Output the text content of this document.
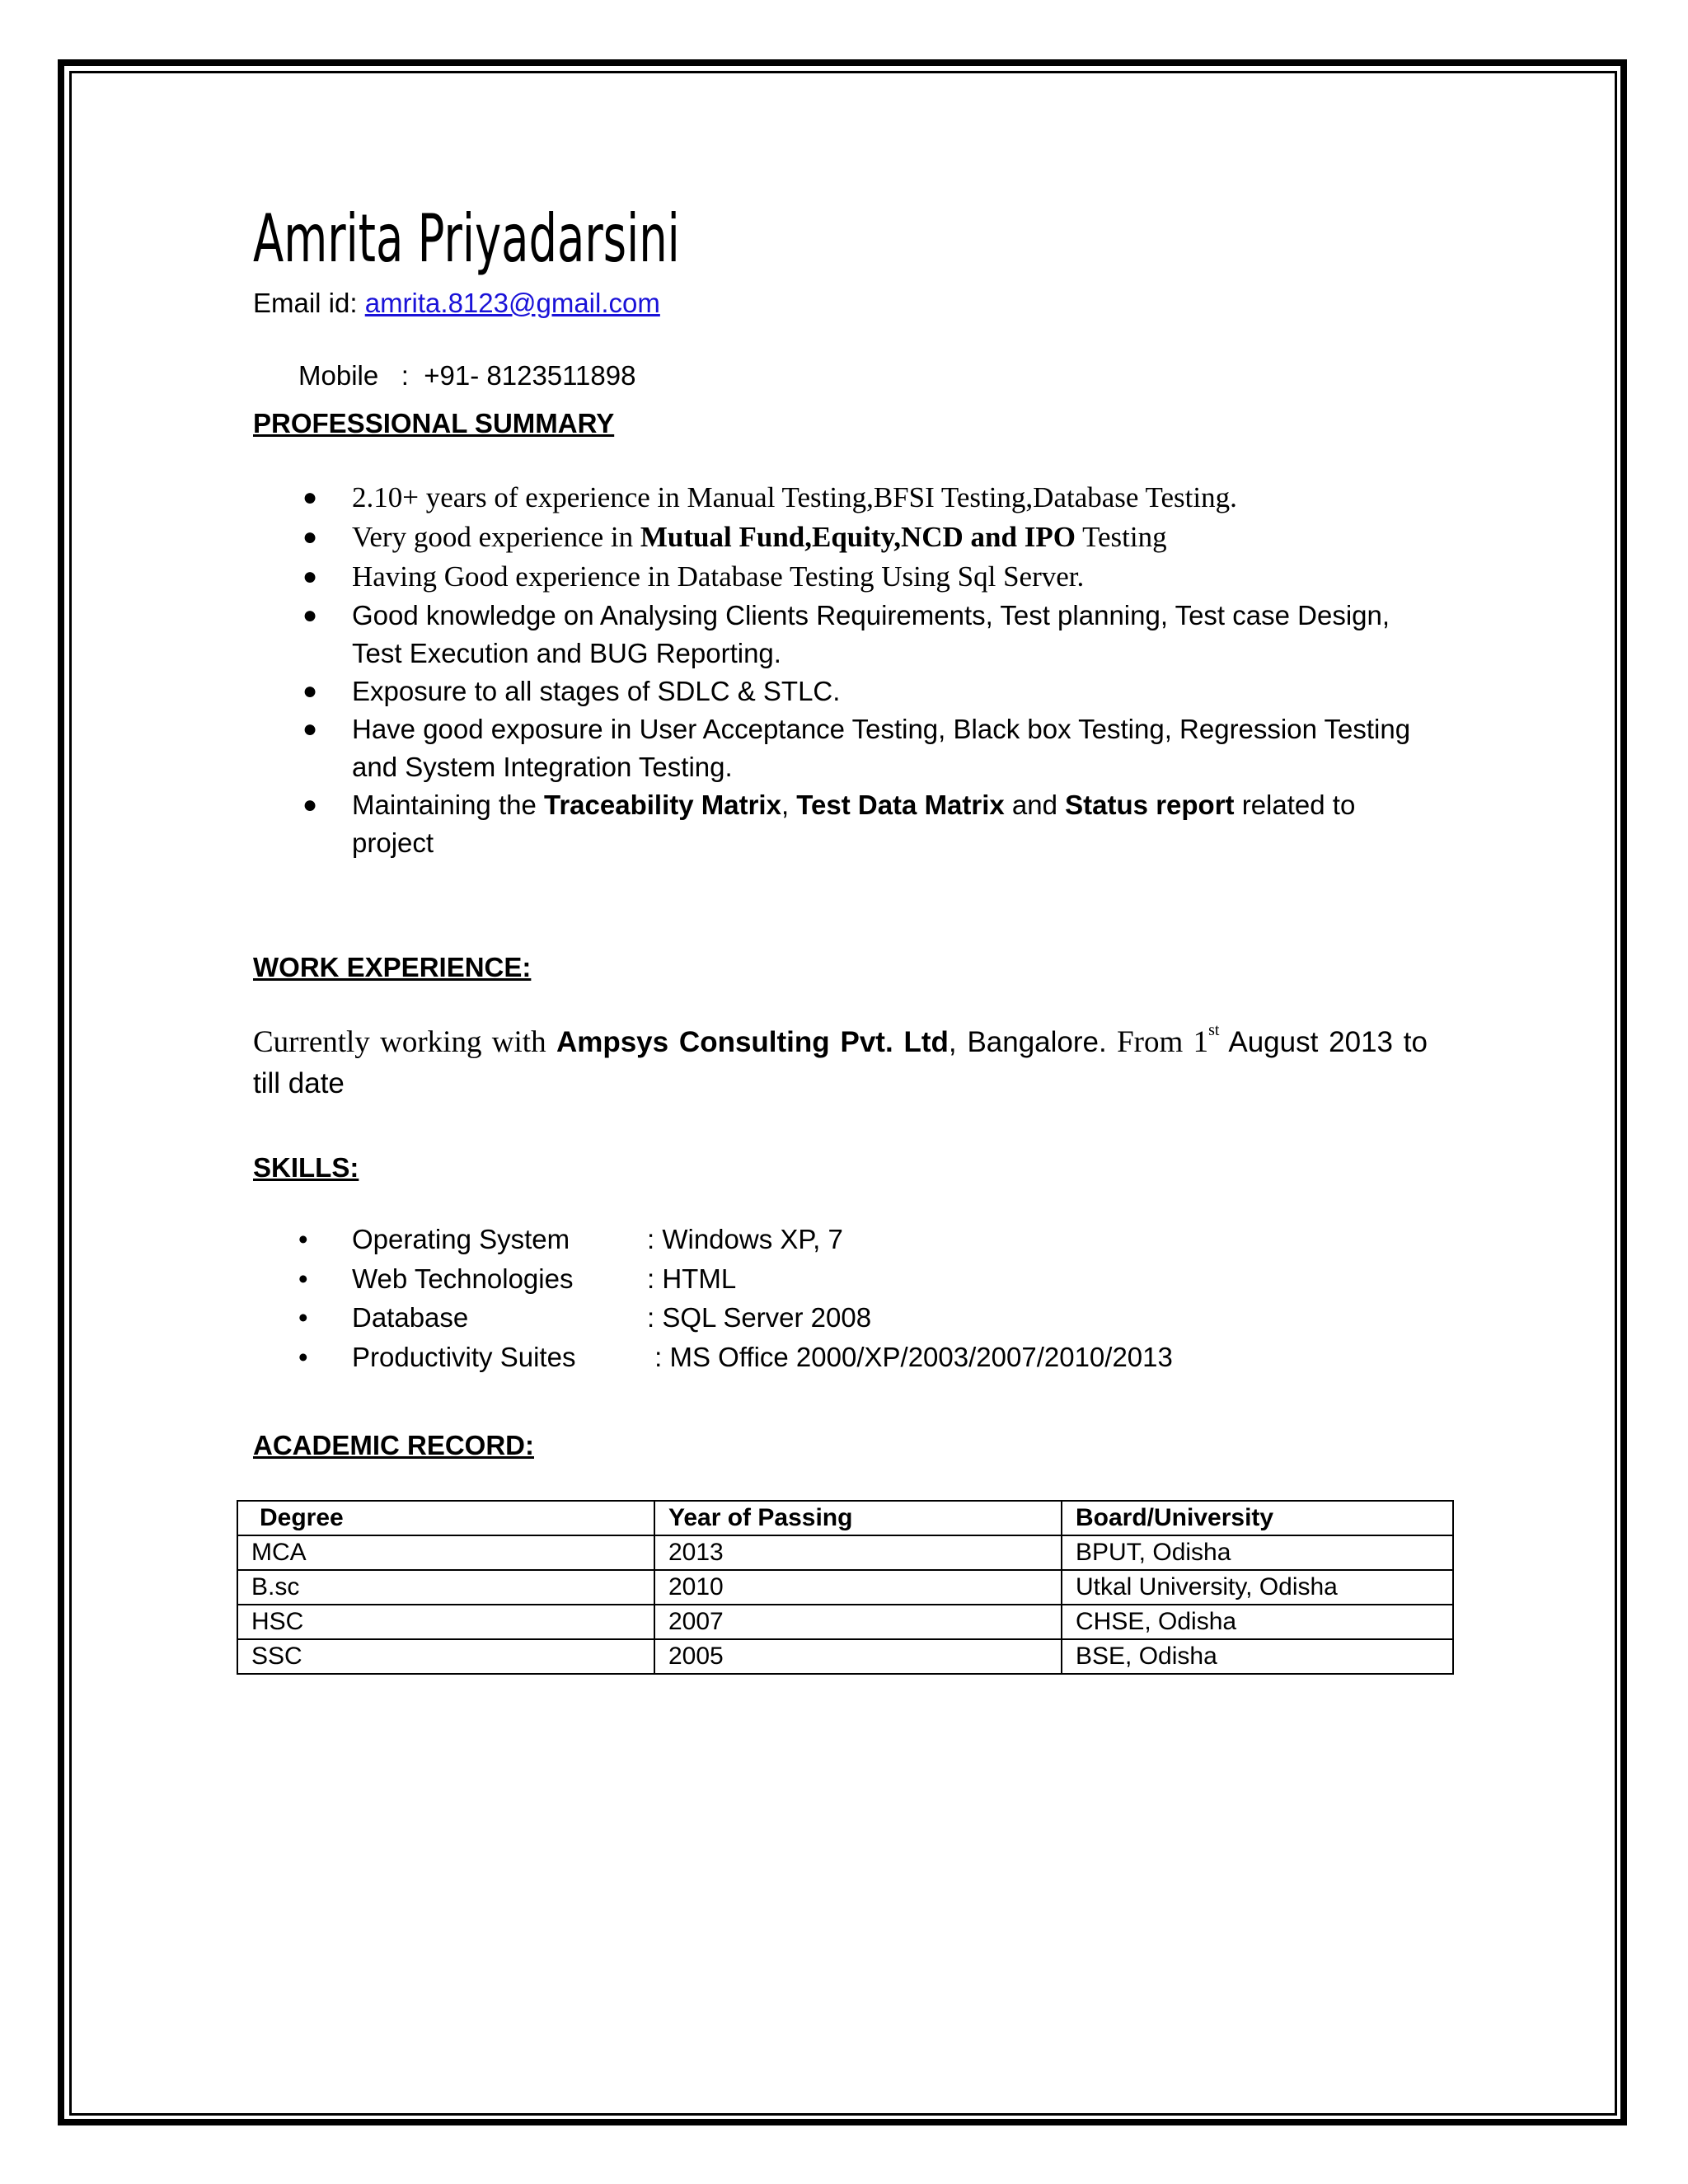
Amrita Priyadarsini
Email id: amrita.8123@gmail.com

Mobile   :  +91- 8123511898

PROFESSIONAL SUMMARY
● 2.10+ years of experience in Manual Testing,BFSI Testing,Database Testing.
● Very good experience in Mutual Fund,Equity,NCD and IPO Testing
● Having Good experience in Database Testing Using Sql Server.
● Good knowledge on Analysing Clients Requirements, Test planning, Test case Design, Test Execution and BUG Reporting.
● Exposure to all stages of SDLC & STLC.
● Have good exposure in User Acceptance Testing, Black box Testing, Regression Testing and System Integration Testing.
● Maintaining the Traceability Matrix, Test Data Matrix and Status report related to project
WORK EXPERIENCE:
Currently working with Ampsys Consulting Pvt. Ltd, Bangalore. From 1st August 2013 to till date
SKILLS:
• Operating System	: Windows XP, 7
• Web Technologies	: HTML
• Database	: SQL Server 2008
• Productivity Suites	: MS Office 2000/XP/2003/2007/2010/2013
ACADEMIC RECORD:
Degree	Year of Passing	Board/University
MCA	2013	BPUT, Odisha
B.sc	2010	Utkal University, Odisha
HSC	2007	CHSE, Odisha
SSC	2005	BSE, Odisha
